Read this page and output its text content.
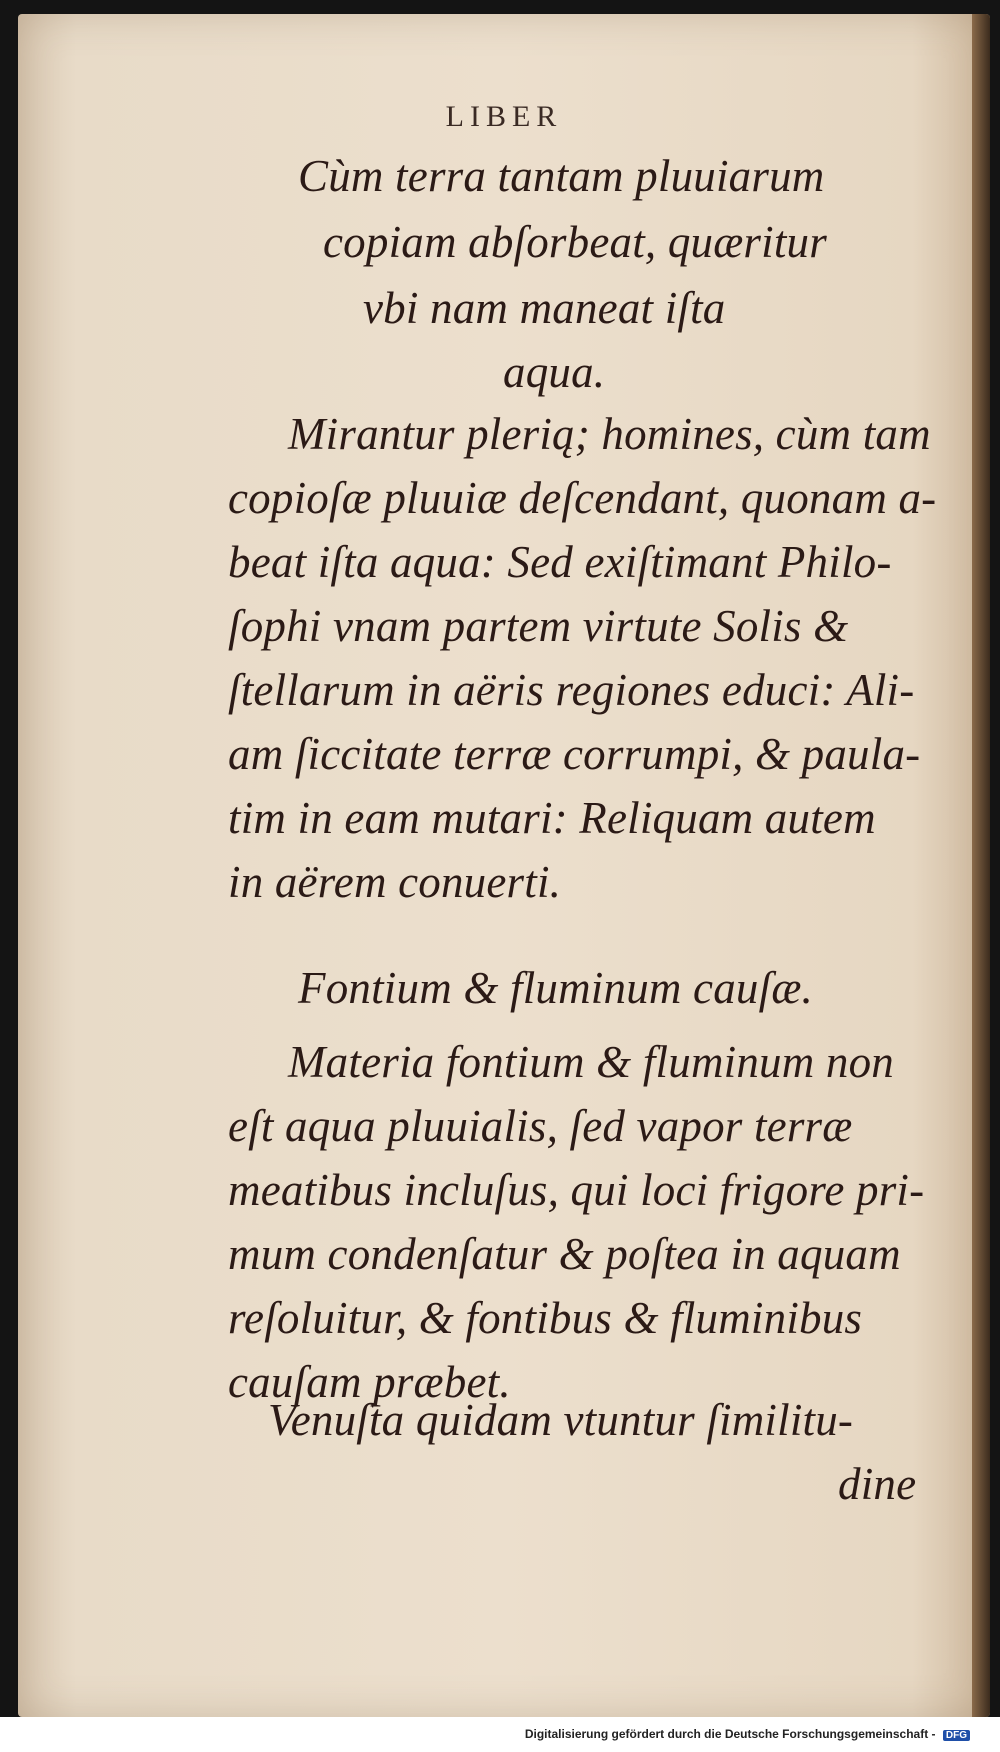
LIBER
Cùm terra tantam pluuiarum
copiam abſorbeat, quæritur
vbi nam maneat iſta
aqua.
Mirantur plerią; homines, cùm tam
copioſæ pluuiæ deſcendant, quonam a-
beat iſta aqua: Sed exiſtimant Philo-
ſophi vnam partem virtute Solis &
ſtellarum in aëris regiones educi: Ali-
am ſiccitate terræ corrumpi, & paula-
tim in eam mutari: Reliquam autem
in aërem conuerti.
Fontium & fluminum cauſæ.
Materia fontium & fluminum non
eſt aqua pluuialis, ſed vapor terræ
meatibus incluſus, qui loci frigore pri-
mum condenſatur & poſtea in aquam
reſoluitur, & fontibus & fluminibus
cauſam præbet.
Venuſta quidam vtuntur ſimilitu-
dine
Digitalisierung gefördert durch die Deutsche Forschungsgemeinschaft - DFG
